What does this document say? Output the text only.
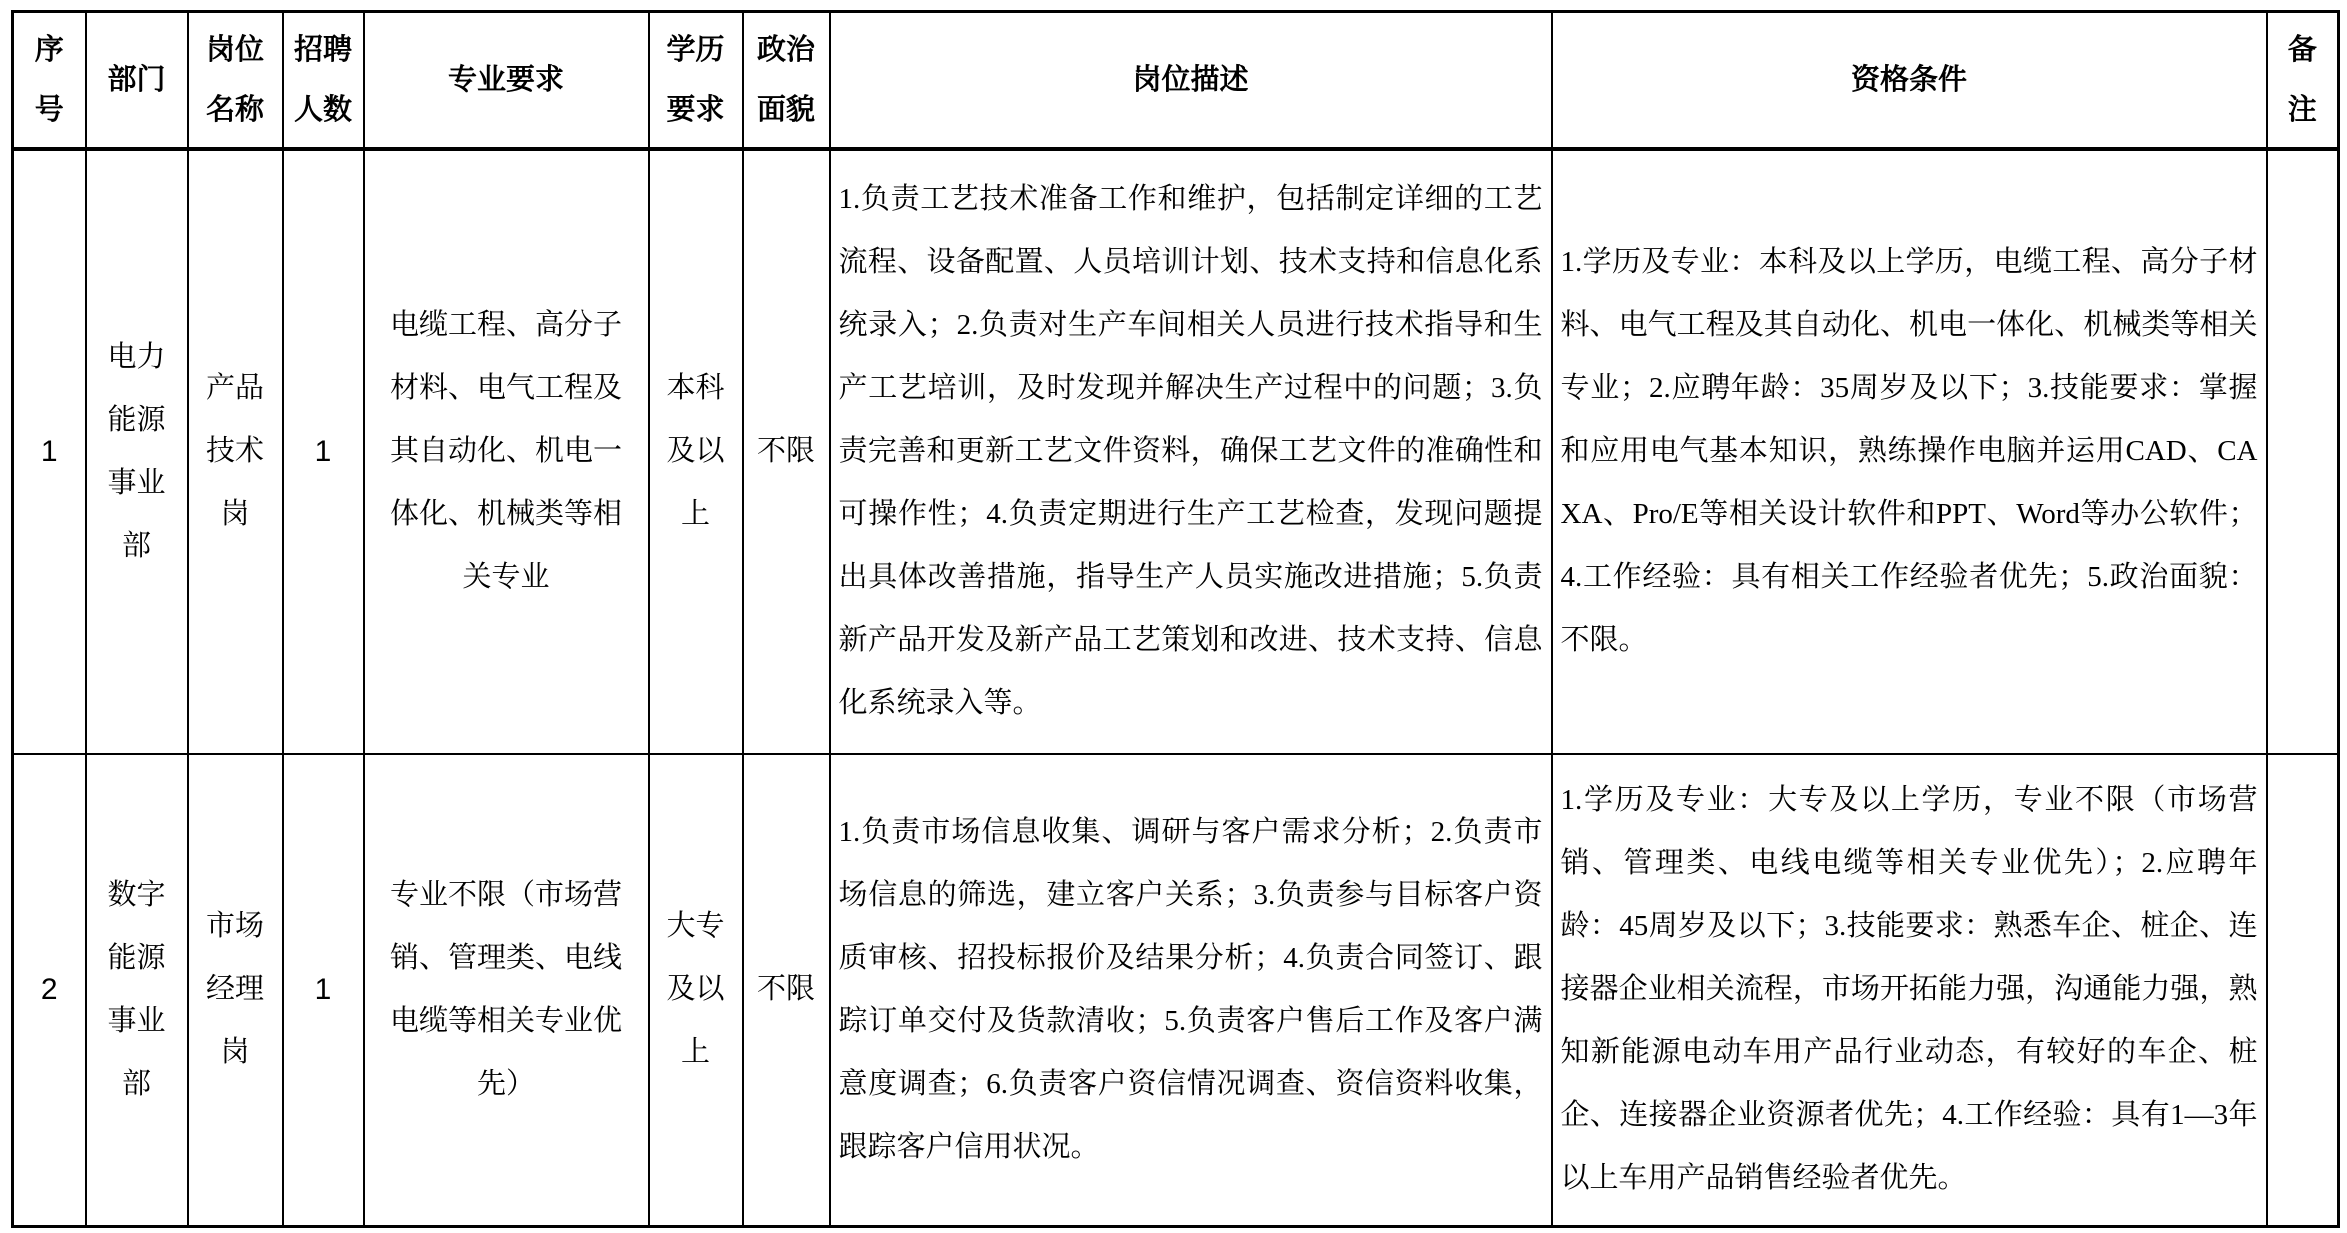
序号	部门	岗位名称	招聘人数	专业要求	学历要求	政治面貌	岗位描述	资格条件	备注
1	电力能源事业部	产品技术岗	1	电缆工程、高分子材料、电气工程及其自动化、机电一体化、机械类等相关专业	本科及以上	不限	1.负责工艺技术准备工作和维护，包括制定详细的工艺流程、设备配置、人员培训计划、技术支持和信息化系统录入；2.负责对生产车间相关人员进行技术指导和生产工艺培训，及时发现并解决生产过程中的问题；3.负责完善和更新工艺文件资料，确保工艺文件的准确性和可操作性；4.负责定期进行生产工艺检查，发现问题提出具体改善措施，指导生产人员实施改进措施；5.负责新产品开发及新产品工艺策划和改进、技术支持、信息化系统录入等。	1.学历及专业：本科及以上学历，电缆工程、高分子材料、电气工程及其自动化、机电一体化、机械类等相关专业；2.应聘年龄：35周岁及以下；3.技能要求：掌握和应用电气基本知识，熟练操作电脑并运用CAD、CAXA、Pro/E等相关设计软件和PPT、Word等办公软件；4.工作经验：具有相关工作经验者优先；5.政治面貌：不限。	
2	数字能源事业部	市场经理岗	1	专业不限（市场营销、管理类、电线电缆等相关专业优先）	大专及以上	不限	1.负责市场信息收集、调研与客户需求分析；2.负责市场信息的筛选，建立客户关系；3.负责参与目标客户资质审核、招投标报价及结果分析；4.负责合同签订、跟踪订单交付及货款清收；5.负责客户售后工作及客户满意度调查；6.负责客户资信情况调查、资信资料收集，跟踪客户信用状况。	1.学历及专业：大专及以上学历，专业不限（市场营销、管理类、电线电缆等相关专业优先）；2.应聘年龄：45周岁及以下；3.技能要求：熟悉车企、桩企、连接器企业相关流程，市场开拓能力强，沟通能力强，熟知新能源电动车用产品行业动态，有较好的车企、桩企、连接器企业资源者优先；4.工作经验：具有1—3年以上车用产品销售经验者优先。	
